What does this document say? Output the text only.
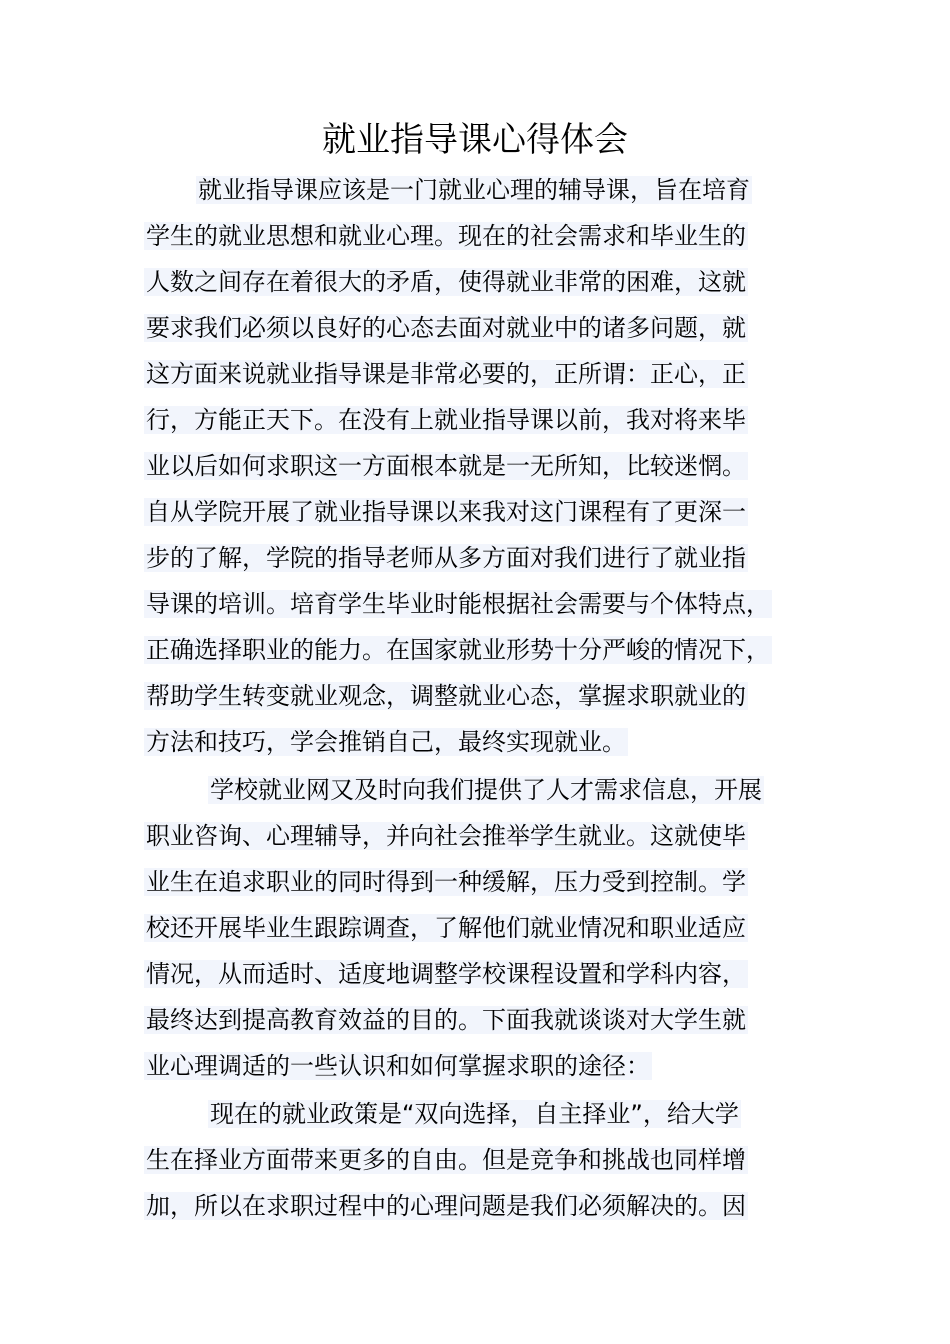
就业指导课心得体会
就业指导课应该是一门就业心理的辅导课，旨在培育
学生的就业思想和就业心理。现在的社会需求和毕业生的
人数之间存在着很大的矛盾，使得就业非常的困难，这就
要求我们必须以良好的心态去面对就业中的诸多问题，就
这方面来说就业指导课是非常必要的，正所谓：正心，正
行，方能正天下。在没有上就业指导课以前，我对将来毕
业以后如何求职这一方面根本就是一无所知，比较迷惘。
自从学院开展了就业指导课以来我对这门课程有了更深一
步的了解，学院的指导老师从多方面对我们进行了就业指
导课的培训。培育学生毕业时能根据社会需要与个体特点，
正确选择职业的能力。在国家就业形势十分严峻的情况下，
帮助学生转变就业观念，调整就业心态，掌握求职就业的
方法和技巧，学会推销自己，最终实现就业。
学校就业网又及时向我们提供了人才需求信息，开展
职业咨询、心理辅导，并向社会推举学生就业。这就使毕
业生在追求职业的同时得到一种缓解，压力受到控制。学
校还开展毕业生跟踪调查，了解他们就业情况和职业适应
情况，从而适时、适度地调整学校课程设置和学科内容，
最终达到提高教育效益的目的。下面我就谈谈对大学生就
业心理调适的一些认识和如何掌握求职的途径：
现在的就业政策是“双向选择，自主择业”，给大学
生在择业方面带来更多的自由。但是竞争和挑战也同样增
加，所以在求职过程中的心理问题是我们必须解决的。因
